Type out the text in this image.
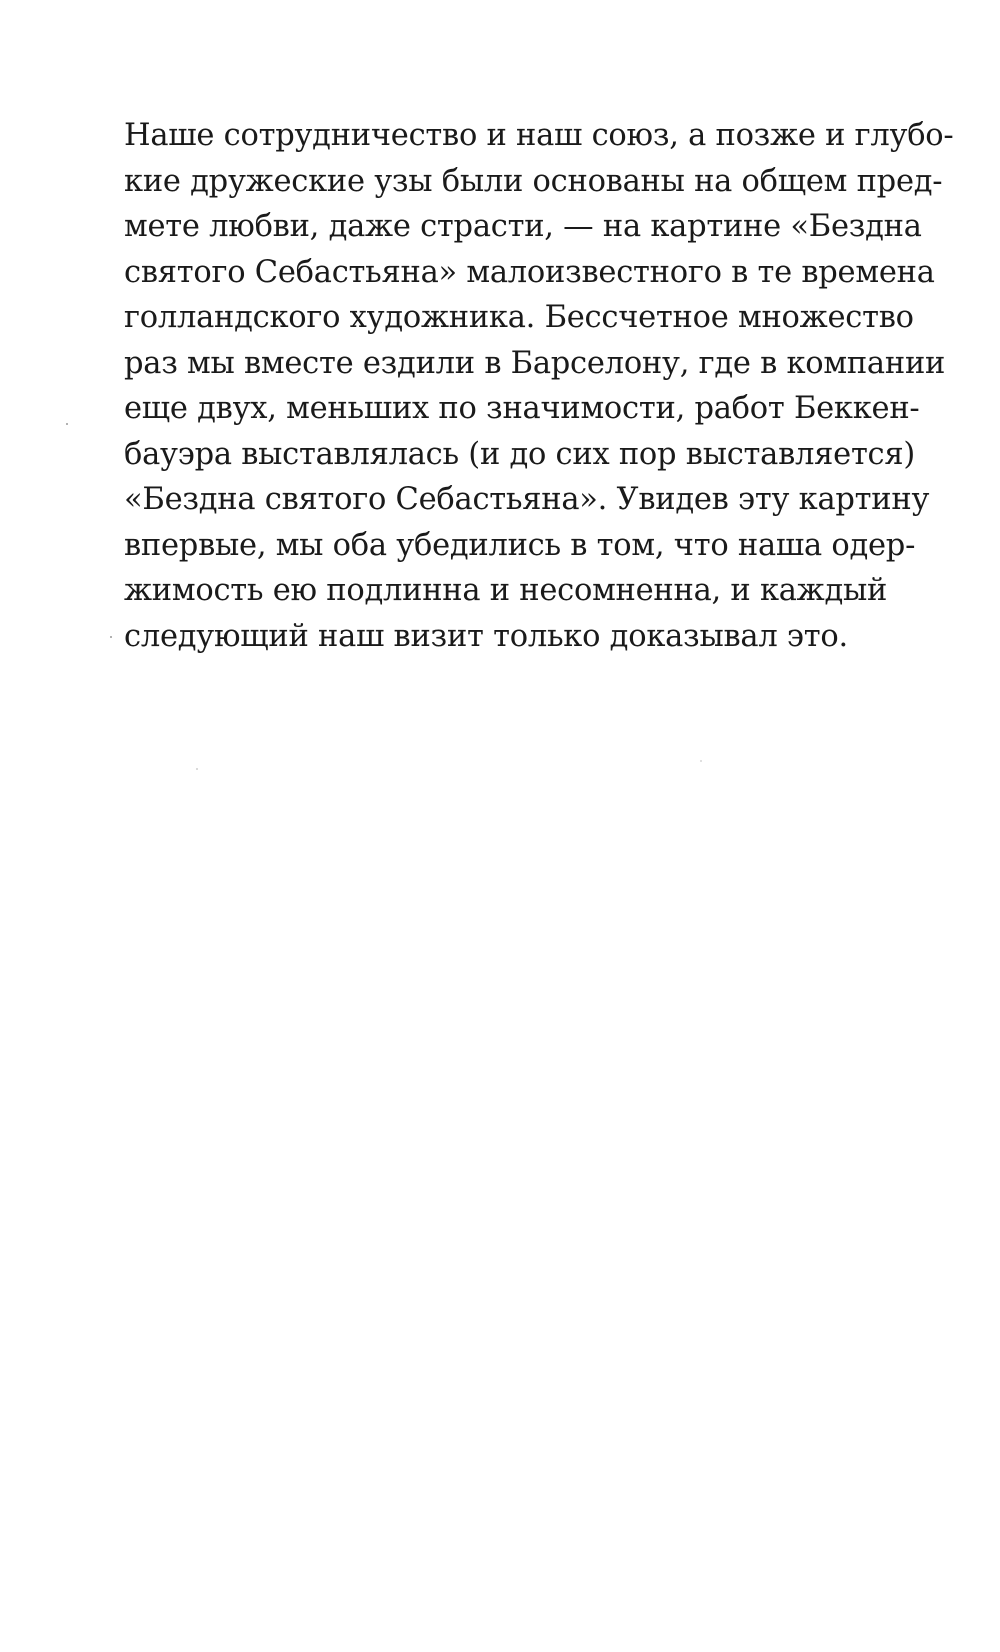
Наше сотрудничество и наш союз, а позже и глубо-
кие дружеские узы были основаны на общем пред-
мете любви, даже страсти, — на картине «Бездна
святого Себастьяна» малоизвестного в те времена
голландского художника. Бессчетное множество
раз мы вместе ездили в Барселону, где в компании
еще двух, меньших по значимости, работ Беккен-
бауэра выставлялась (и до сих пор выставляется)
«Бездна святого Себастьяна». Увидев эту картину
впервые, мы оба убедились в том, что наша одер-
жимость ею подлинна и несомненна, и каждый
следующий наш визит только доказывал это.
